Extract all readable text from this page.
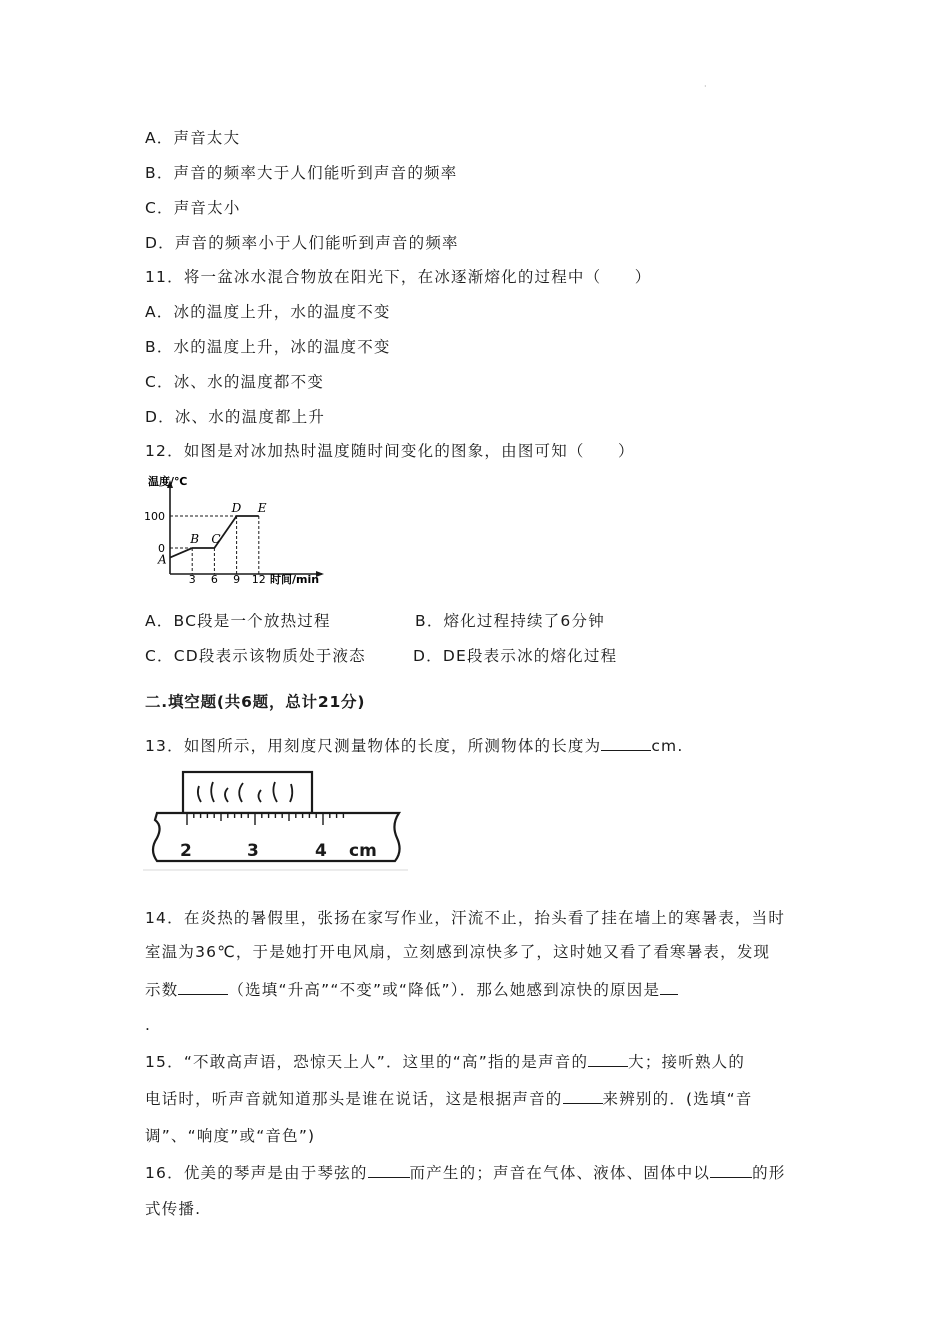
·
A．声音太大
B．声音的频率大于人们能听到声音的频率
C．声音太小
D．声音的频率小于人们能听到声音的频率
11．将一盆冰水混合物放在阳光下，在冰逐渐熔化的过程中（　　）
A．冰的温度上升，水的温度不变
B．水的温度上升，冰的温度不变
C．冰、水的温度都不变
D．冰、水的温度都上升
12．如图是对冰加热时温度随时间变化的图象，由图可知（　　）
温度/℃
时间/min
100
0
3 6 9 12
A
B C
D E
A．BC段是一个放热过程	B．熔化过程持续了6分钟
C．CD段表示该物质处于液态	D．DE段表示冰的熔化过程
二.填空题(共6题，总计21分)
13．如图所示，用刻度尺测量物体的长度，所测物体的长度为	cm.
2	3	4 cm
14．在炎热的暑假里，张扬在家写作业，汗流不止，抬头看了挂在墙上的寒暑表，当时
室温为36℃，于是她打开电风扇，立刻感到凉快多了，这时她又看了看寒暑表，发现
示数	（选填“升高”“不变”或“降低”）．那么她感到凉快的原因是
.
15．“不敢高声语，恐惊天上人”．这里的“高”指的是声音的	大；接听熟人的
电话时，听声音就知道那头是谁在说话，这是根据声音的	来辨别的．(选填“音
调”、“响度”或“音色”)
16．优美的琴声是由于琴弦的	而产生的；声音在气体、液体、固体中以	的形
式传播.
